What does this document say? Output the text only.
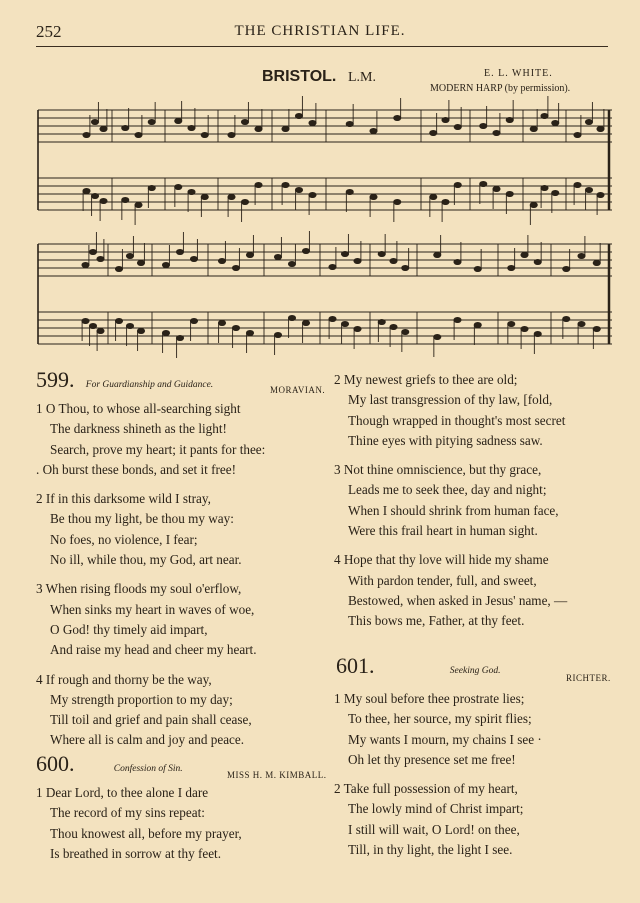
252	THE CHRISTIAN LIFE.
BRISTOL. L.M.	E. L. WHITE.
MODERN HARP (by permission).
599. For Guardianship and Guidance.	MORAVIAN.
1 O Thou, to whose all-searching sight
The darkness shineth as the light!
Search, prove my heart; it pants for thee:
. Oh burst these bonds, and set it free!
2 If in this darksome wild I stray,
Be thou my light, be thou my way:
No foes, no violence, I fear;
No ill, while thou, my God, art near.
3 When rising floods my soul o'erflow,
When sinks my heart in waves of woe,
O God! thy timely aid impart,
And raise my head and cheer my heart.
4 If rough and thorny be the way,
My strength proportion to my day;
Till toil and grief and pain shall cease,
Where all is calm and joy and peace.
600.	Confession of Sin.
MISS H. M. KIMBALL.
1 Dear Lord, to thee alone I dare
The record of my sins repeat:
Thou knowest all, before my prayer,
Is breathed in sorrow at thy feet.
2 My newest griefs to thee are old;
My last transgression of thy law, [fold,
Though wrapped in thought's most secret
Thine eyes with pitying sadness saw.
3 Not thine omniscience, but thy grace,
Leads me to seek thee, day and night;
When I should shrink from human face,
Were this frail heart in human sight.
4 Hope that thy love will hide my shame
With pardon tender, full, and sweet,
Bestowed, when asked in Jesus' name, —
This bows me, Father, at thy feet.
601.	Seeking God.
RICHTER.
1 My soul before thee prostrate lies;
To thee, her source, my spirit flies;
My wants I mourn, my chains I see ·
Oh let thy presence set me free!
2 Take full possession of my heart,
The lowly mind of Christ impart;
I still will wait, O Lord! on thee,
Till, in thy light, the light I see.
